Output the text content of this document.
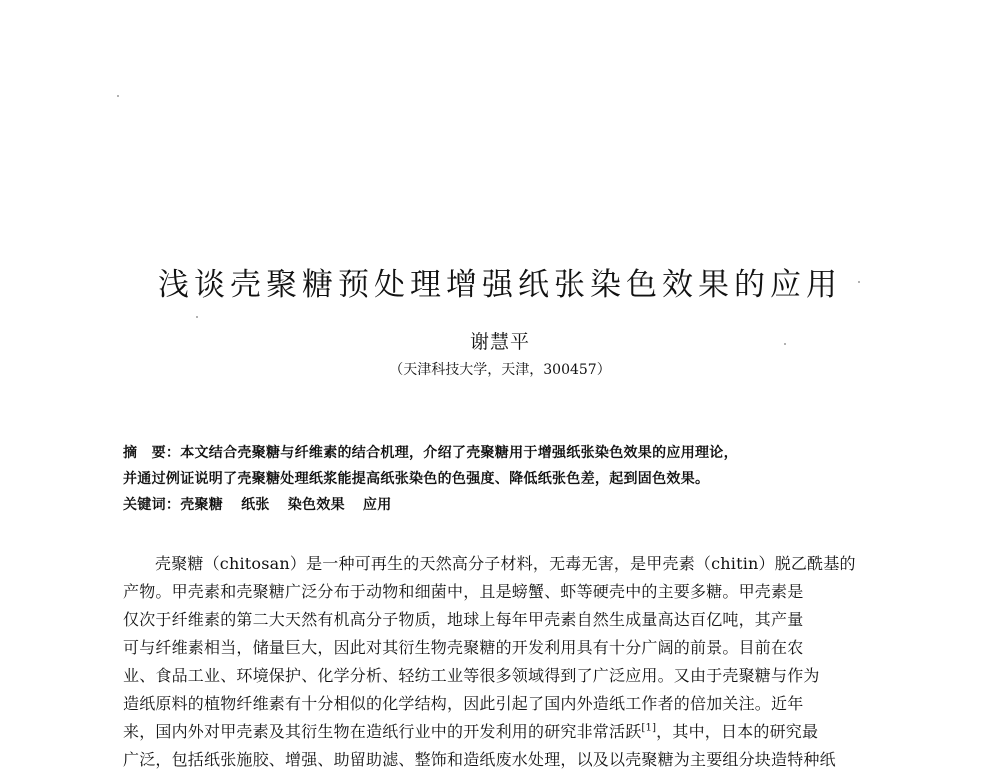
浅谈壳聚糖预处理增强纸张染色效果的应用
谢慧平
（天津科技大学，天津，300457）
摘　要：本文结合壳聚糖与纤维素的结合机理，介绍了壳聚糖用于增强纸张染色效果的应用理论，
并通过例证说明了壳聚糖处理纸浆能提高纸张染色的色强度、降低纸张色差，起到固色效果。
关键词：壳聚糖 纸张 染色效果 应用
壳聚糖（chitosan）是一种可再生的天然高分子材料，无毒无害，是甲壳素（chitin）脱乙酰基的
产物。甲壳素和壳聚糖广泛分布于动物和细菌中，且是螃蟹、虾等硬壳中的主要多糖。甲壳素是
仅次于纤维素的第二大天然有机高分子物质，地球上每年甲壳素自然生成量高达百亿吨，其产量
可与纤维素相当，储量巨大，因此对其衍生物壳聚糖的开发利用具有十分广阔的前景。目前在农
业、食品工业、环境保护、化学分析、轻纺工业等很多领域得到了广泛应用。又由于壳聚糖与作为
造纸原料的植物纤维素有十分相似的化学结构，因此引起了国内外造纸工作者的倍加关注。近年
来，国内外对甲壳素及其衍生物在造纸行业中的开发利用的研究非常活跃[1]，其中，日本的研究最
广泛，包括纸张施胶、增强、助留助滤、整饰和造纸废水处理，以及以壳聚糖为主要组分块造特种纸
